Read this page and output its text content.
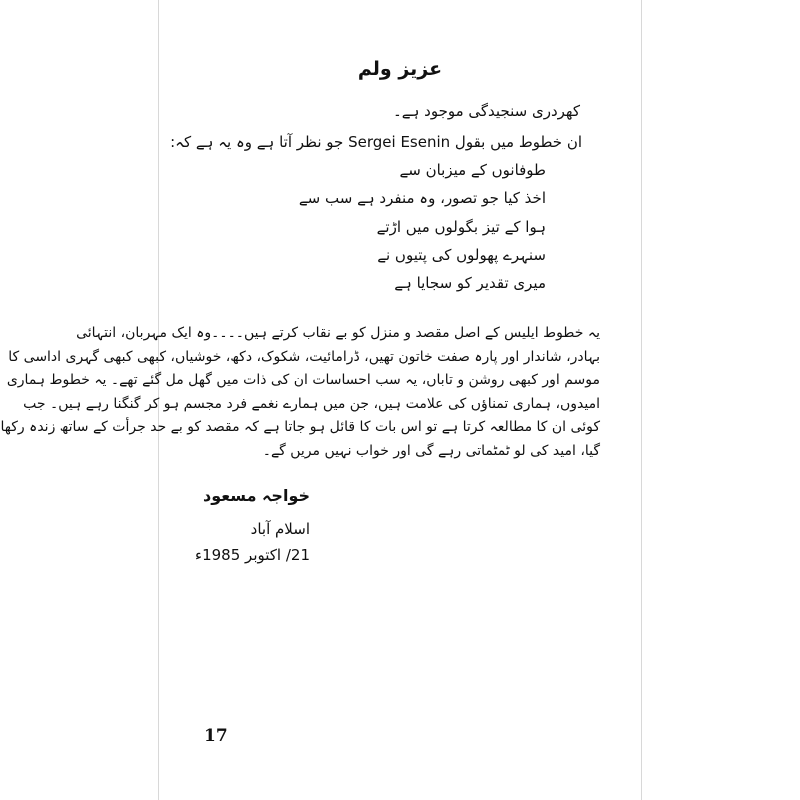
عزیز ولم
کھردری سنجیدگی موجود ہے۔
ان خطوط میں بقول Sergei Esenin جو نظر آتا ہے وہ یہ ہے کہ:
طوفانوں کے میزبان سے
اخذ کیا جو تصور، وہ منفرد ہے سب سے
ہوا کے تیز بگولوں میں اڑتے
سنہرے پھولوں کی پتیوں نے
میری تقدیر کو سجایا ہے
یہ خطوط ایلیس کے اصل مقصد و منزل کو بے نقاب کرتے ہیں۔۔۔۔وہ ایک مہربان، انتہائی
بہادر، شاندار اور پارہ صفت خاتون تھیں، ڈرامائیت، شکوک، دکھ، خوشیاں، کبھی کبھی گہری اداسی کا
موسم اور کبھی روشن و تاباں، یہ سب احساسات ان کی ذات میں گھل مل گئے تھے۔ یہ خطوط ہماری
امیدوں، ہماری تمناؤں کی علامت ہیں، جن میں ہمارے نغمے فرد مجسم ہو کر گنگنا رہے ہیں۔ جب
کوئی ان کا مطالعہ کرتا ہے تو اس بات کا قائل ہو جاتا ہے کہ مقصد کو بے حد جرأت کے ساتھ زندہ رکھا
گیا، امید کی لو ٹمٹماتی رہے گی اور خواب نہیں مریں گے۔
خواجہ مسعود
اسلام آباد
21/ اکتوبر 1985ء
17
